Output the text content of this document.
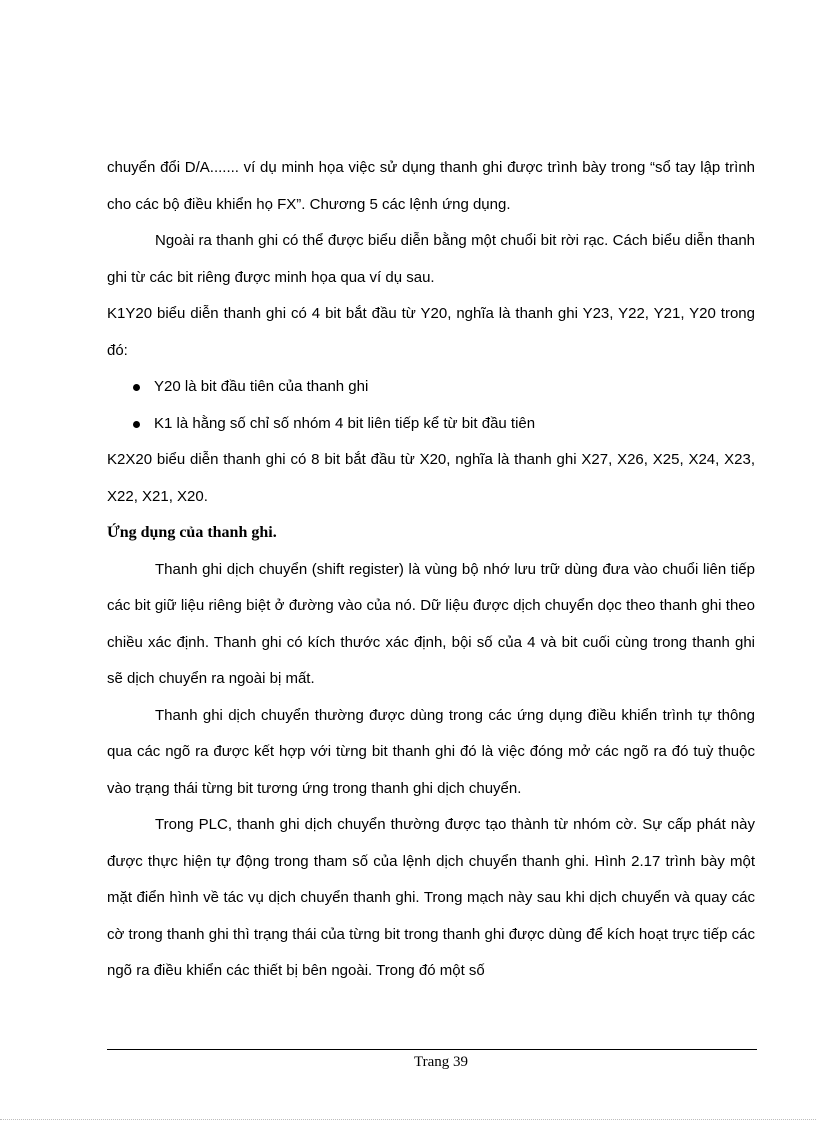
chuyển đổi D/A....... ví dụ minh họa việc sử dụng thanh ghi được trình bày trong “sổ tay lập trình cho các bộ điều khiển họ FX”. Chương 5 các lệnh ứng dụng.

Ngoài ra thanh ghi có thể được biểu diễn bằng một chuổi bit rời rạc. Cách biểu diễn thanh ghi từ các bit riêng được minh họa qua ví dụ sau.

K1Y20 biểu diễn thanh ghi có 4 bit bắt đầu từ Y20, nghĩa là thanh ghi Y23, Y22, Y21, Y20 trong đó:

Y20 là bit đầu tiên của thanh ghi
K1 là hằng số chỉ số nhóm 4 bit liên tiếp kể từ bit đầu tiên

K2X20 biểu diễn thanh ghi có 8 bit bắt đầu từ X20, nghĩa là thanh ghi X27, X26, X25, X24, X23, X22, X21, X20.

Ứng dụng của thanh ghi.

Thanh ghi dịch chuyển (shift register) là vùng bộ nhớ lưu trữ dùng đưa vào chuổi liên tiếp các bit giữ liệu riêng biệt ở đường vào của nó. Dữ liệu được dịch chuyển dọc theo thanh ghi theo chiều xác định. Thanh ghi có kích thước xác định, bội số của 4 và bit cuối cùng trong thanh ghi sẽ dịch chuyển ra ngoài bị mất.

Thanh ghi dịch chuyển thường được dùng trong các ứng dụng điều khiển trình tự thông qua các ngõ ra được kết hợp với từng bit thanh ghi đó là việc đóng mở các ngõ ra đó tuỳ thuộc vào trạng thái từng bit tương ứng trong thanh ghi dịch chuyển.

Trong PLC, thanh ghi dịch chuyển thường được tạo thành từ nhóm cờ. Sự cấp phát này được thực hiện tự động trong tham số của lệnh dịch chuyển thanh ghi. Hình 2.17 trình bày một mặt điển hình về tác vụ dịch chuyển thanh ghi. Trong mạch này sau khi dịch chuyển và quay các cờ trong thanh ghi thì trạng thái của từng bit trong thanh ghi được dùng để kích hoạt trực tiếp các ngõ ra điều khiển các thiết bị bên ngoài. Trong đó một số

Trang 39
